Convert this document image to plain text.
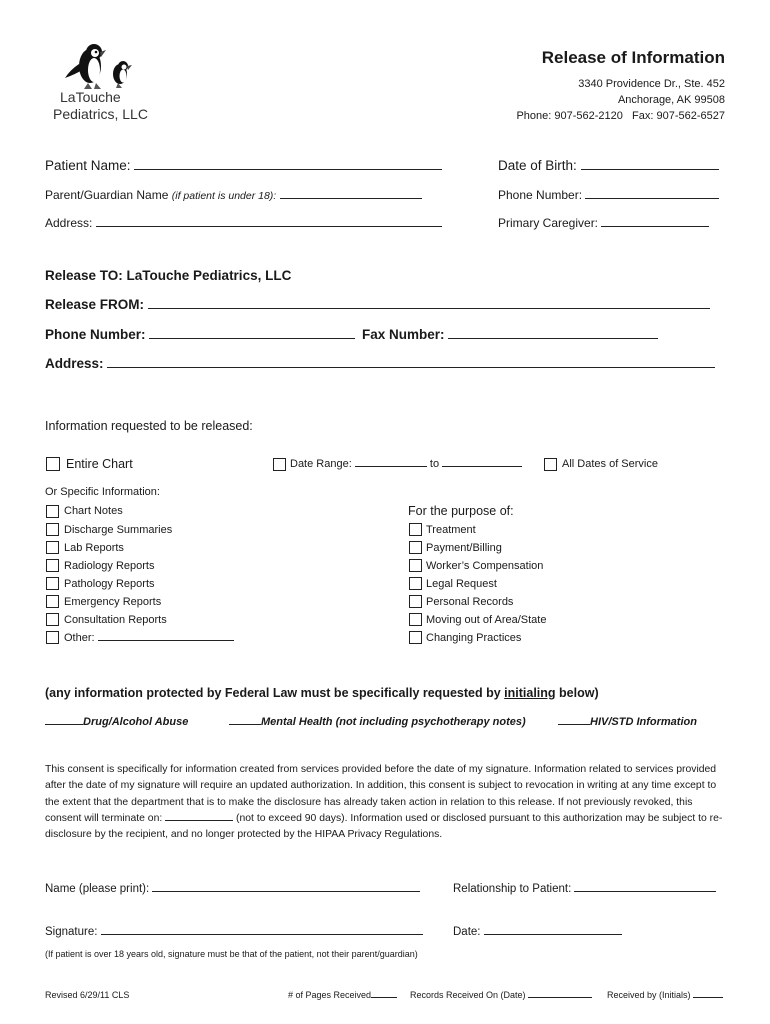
LaTouche
Pediatrics, LLC
Release of Information
3340 Providence Dr., Ste. 452
Anchorage, AK 99508
Phone: 907-562-2120   Fax: 907-562-6527
Patient Name:	Date of Birth:
Parent/Guardian Name (if patient is under 18):	Phone Number:
Address:	Primary Caregiver:
Release TO: LaTouche Pediatrics, LLC
Release FROM:
Phone Number:	Fax Number:
Address:
Information requested to be released:
Entire Chart	Date Range:	to	All Dates of Service
Or Specific Information:
Chart Notes
Discharge Summaries
Lab Reports
Radiology Reports
Pathology Reports
Emergency Reports
Consultation Reports
Other:
For the purpose of:
Treatment
Payment/Billing
Worker’s Compensation
Legal Request
Personal Records
Moving out of Area/State
Changing Practices
(any information protected by Federal Law must be specifically requested by initialing below)
Drug/Alcohol Abuse	Mental Health (not including psychotherapy notes)	HIV/STD Information
This consent is specifically for information created from services provided before the date of my signature. Information related to services provided after the date of my signature will require an updated authorization. In addition, this consent is subject to revocation in writing at any time except to the extent that the department that is to make the disclosure has already taken action in relation to this release. If not previously revoked, this consent will terminate on:	(not to exceed 90 days). Information used or disclosed pursuant to this authorization may be subject to re-disclosure by the recipient, and no longer protected by the HIPAA Privacy Regulations.
Name (please print):	Relationship to Patient:
Signature:	Date:
(If patient is over 18 years old, signature must be that of the patient, not their parent/guardian)
Revised 6/29/11 CLS	# of Pages Received	Records Received On (Date)	Received by (Initials)
